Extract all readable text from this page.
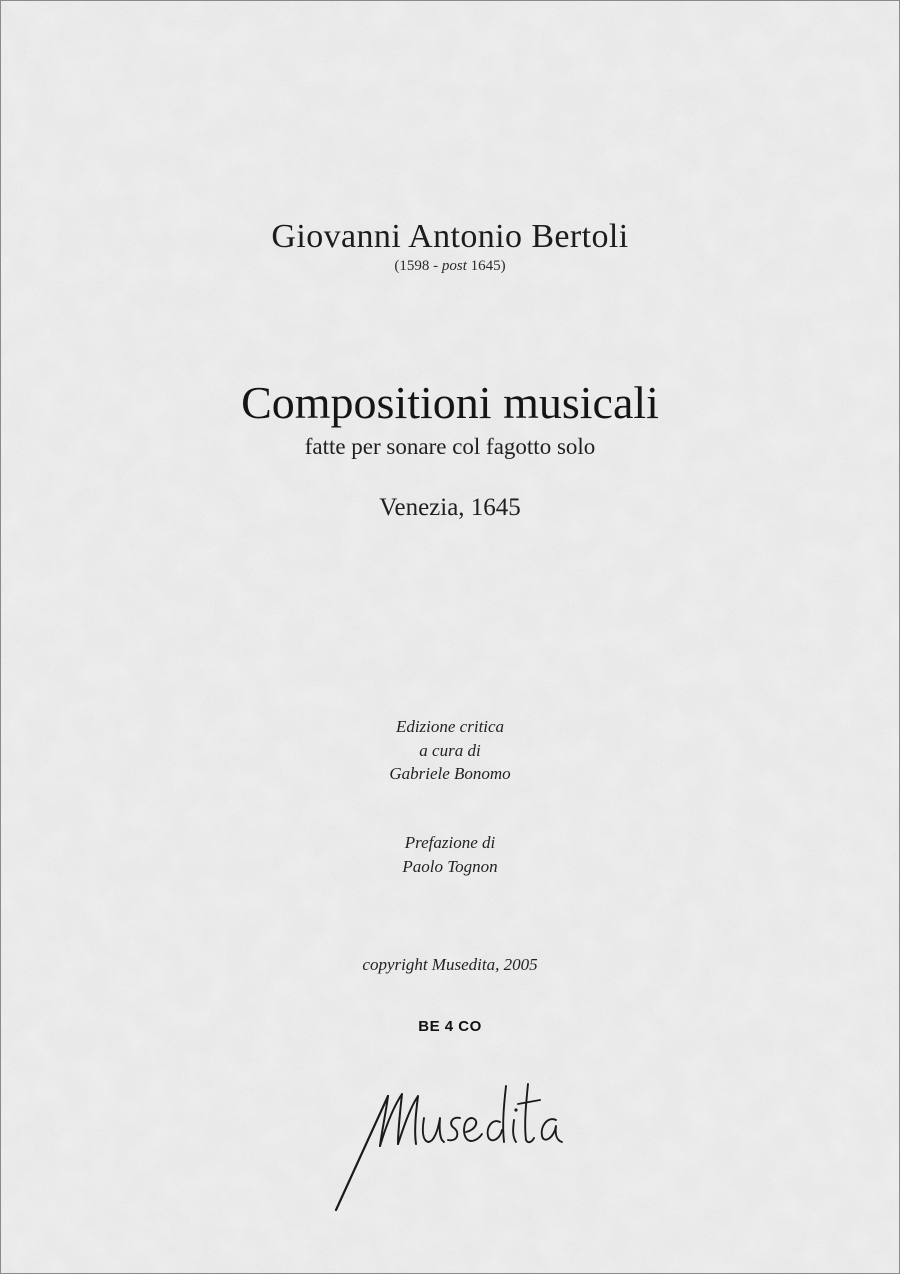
Giovanni Antonio Bertoli
(1598 - post 1645)
Compositioni musicali
fatte per sonare col fagotto solo
Venezia, 1645
Edizione critica
a cura di
Gabriele Bonomo
Prefazione di
Paolo Tognon
copyright Musedita, 2005
BE 4 CO
